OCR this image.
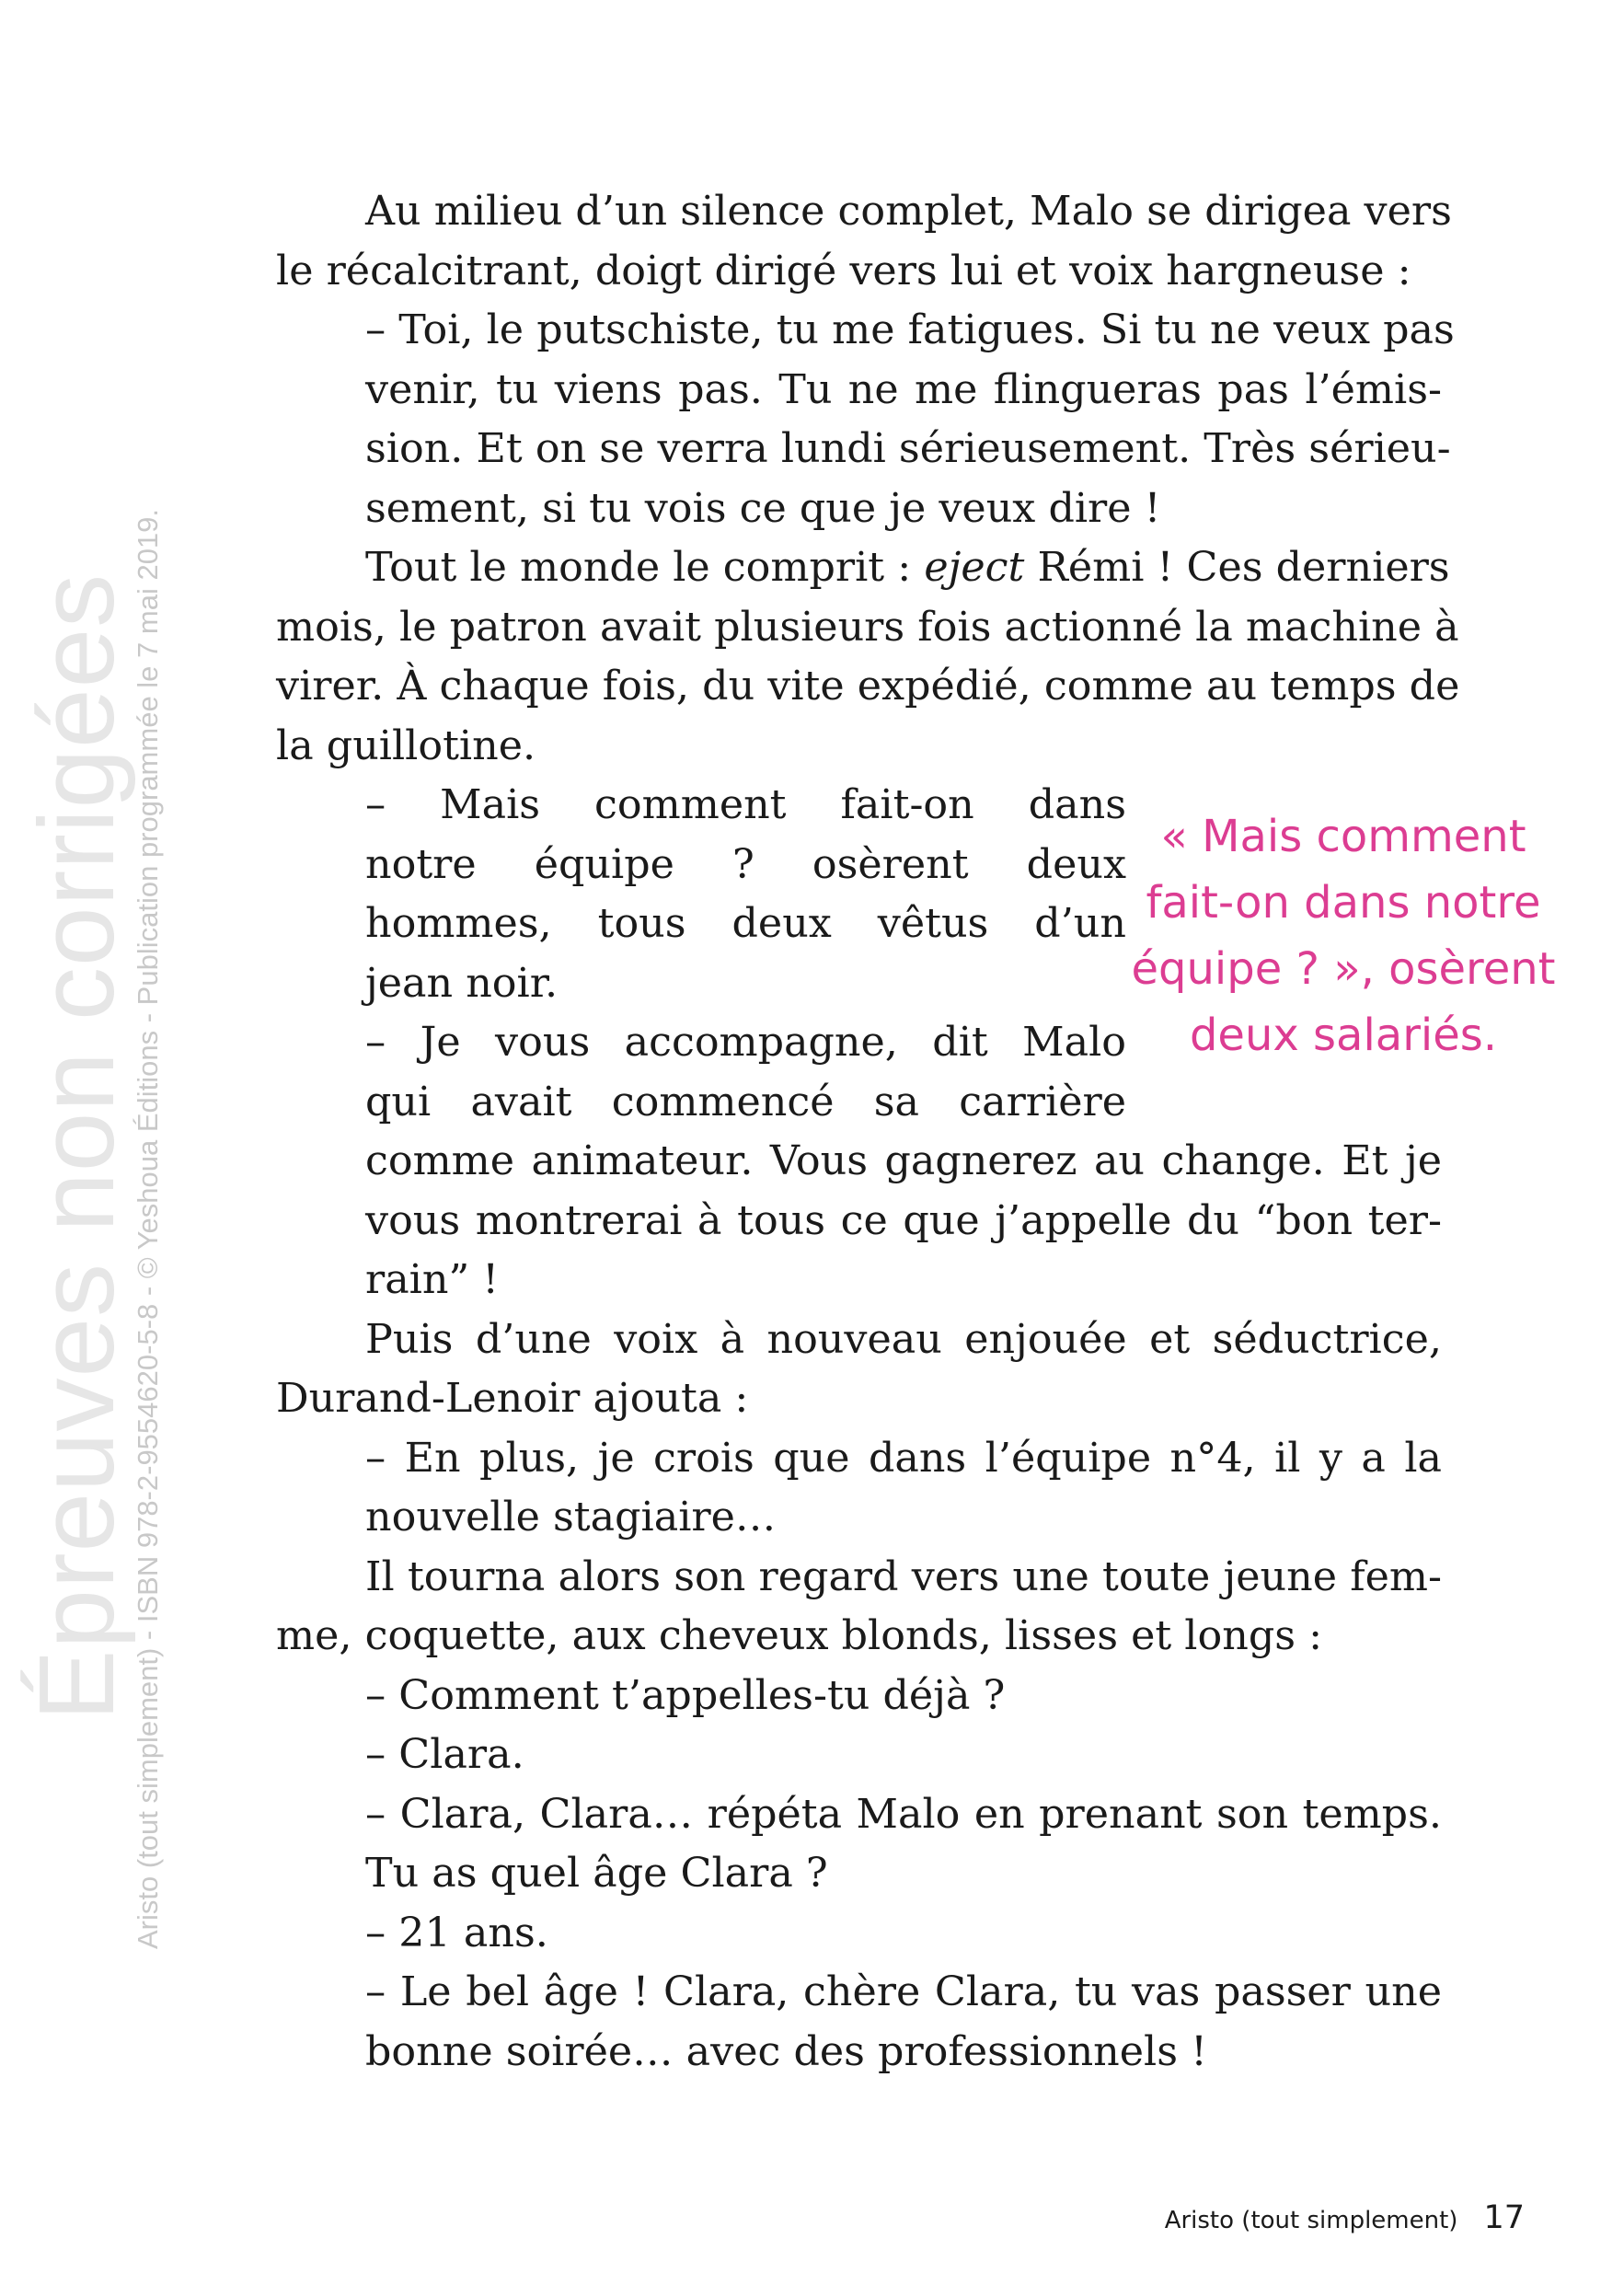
Épreuves non corrigées
Aristo (tout simplement) - ISBN 978-2-9554620-5-8 - © Yeshoua Éditions - Publication programmée le 7 mai 2019.
Au milieu d’un silence complet, Malo se dirigea vers
le récalcitrant, doigt dirigé vers lui et voix hargneuse :
– Toi, le putschiste, tu me fatigues. Si tu ne veux pas
venir, tu viens pas. Tu ne me flingueras pas l’émis-
sion. Et on se verra lundi sérieusement. Très sérieu-
sement, si tu vois ce que je veux dire !
Tout le monde le comprit : eject Rémi ! Ces derniers
mois, le patron avait plusieurs fois actionné la machine à
virer. À chaque fois, du vite expédié, comme au temps de
la guillotine.
– Mais comment fait-on dans
notre équipe ? osèrent deux
hommes, tous deux vêtus d’un
jean noir.
– Je vous accompagne, dit Malo
qui avait commencé sa carrière
comme animateur. Vous gagnerez au change. Et je
vous montrerai à tous ce que j’appelle du “bon ter-
rain” !
Puis d’une voix à nouveau enjouée et séductrice,
Durand-Lenoir ajouta :
– En plus, je crois que dans l’équipe n°4, il y a la
nouvelle stagiaire…
Il tourna alors son regard vers une toute jeune fem-
me, coquette, aux cheveux blonds, lisses et longs :
– Comment t’appelles-tu déjà ?
– Clara.
– Clara, Clara… répéta Malo en prenant son temps.
Tu as quel âge Clara ?
– 21 ans.
– Le bel âge ! Clara, chère Clara, tu vas passer une
bonne soirée… avec des professionnels !
« Mais comment
fait-on dans notre
équipe ? », osèrent
deux salariés.
Aristo (tout simplement) 17
